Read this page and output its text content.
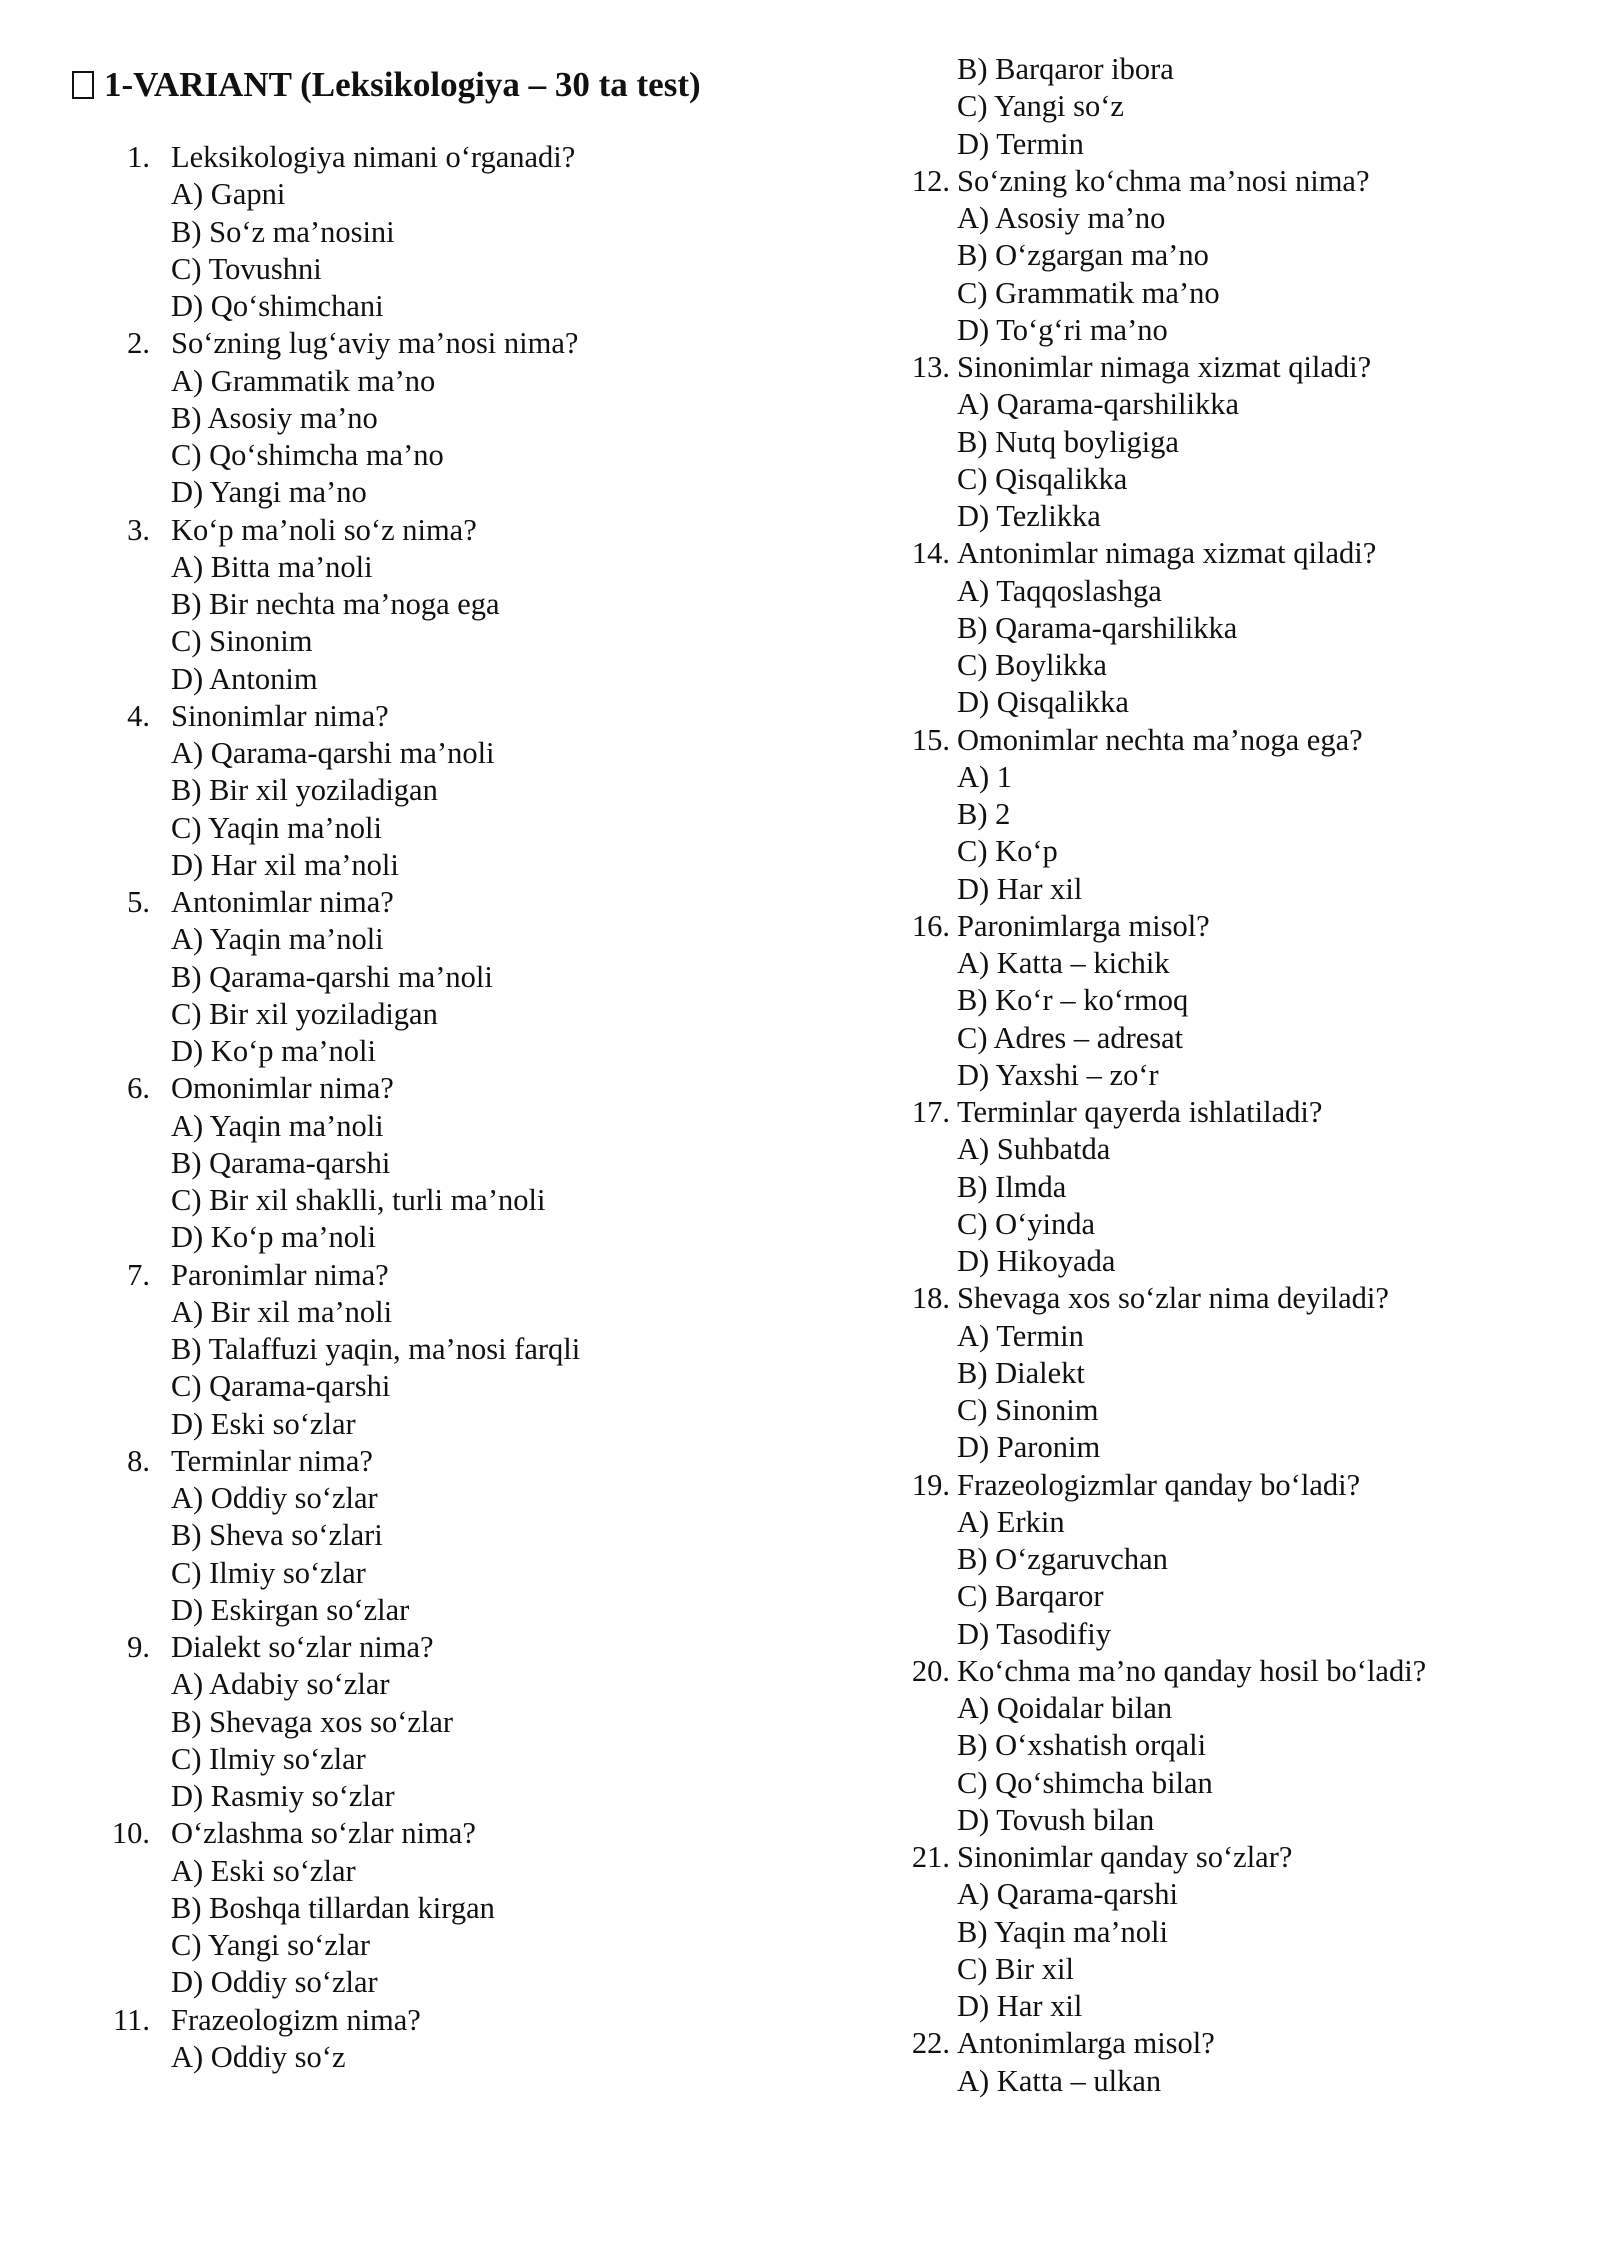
1-VARIANT (Leksikologiya – 30 ta test)
1. Leksikologiya nimani o‘rganadi?
A) Gapni
B) So‘z ma’nosini
C) Tovushni
D) Qo‘shimchani
2. So‘zning lug‘aviy ma’nosi nima?
A) Grammatik ma’no
B) Asosiy ma’no
C) Qo‘shimcha ma’no
D) Yangi ma’no
3. Ko‘p ma’noli so‘z nima?
A) Bitta ma’noli
B) Bir nechta ma’noga ega
C) Sinonim
D) Antonim
4. Sinonimlar nima?
A) Qarama-qarshi ma’noli
B) Bir xil yoziladigan
C) Yaqin ma’noli
D) Har xil ma’noli
5. Antonimlar nima?
A) Yaqin ma’noli
B) Qarama-qarshi ma’noli
C) Bir xil yoziladigan
D) Ko‘p ma’noli
6. Omonimlar nima?
A) Yaqin ma’noli
B) Qarama-qarshi
C) Bir xil shaklli, turli ma’noli
D) Ko‘p ma’noli
7. Paronimlar nima?
A) Bir xil ma’noli
B) Talaffuzi yaqin, ma’nosi farqli
C) Qarama-qarshi
D) Eski so‘zlar
8. Terminlar nima?
A) Oddiy so‘zlar
B) Sheva so‘zlari
C) Ilmiy so‘zlar
D) Eskirgan so‘zlar
9. Dialekt so‘zlar nima?
A) Adabiy so‘zlar
B) Shevaga xos so‘zlar
C) Ilmiy so‘zlar
D) Rasmiy so‘zlar
10. O‘zlashma so‘zlar nima?
A) Eski so‘zlar
B) Boshqa tillardan kirgan
C) Yangi so‘zlar
D) Oddiy so‘zlar
11. Frazeologizm nima?
A) Oddiy so‘z
B) Barqaror ibora
C) Yangi so‘z
D) Termin
12. So‘zning ko‘chma ma’nosi nima?
A) Asosiy ma’no
B) O‘zgargan ma’no
C) Grammatik ma’no
D) To‘g‘ri ma’no
13. Sinonimlar nimaga xizmat qiladi?
A) Qarama-qarshilikka
B) Nutq boyligiga
C) Qisqalikka
D) Tezlikka
14. Antonimlar nimaga xizmat qiladi?
A) Taqqoslashga
B) Qarama-qarshilikka
C) Boylikka
D) Qisqalikka
15. Omonimlar nechta ma’noga ega?
A) 1
B) 2
C) Ko‘p
D) Har xil
16. Paronimlarga misol?
A) Katta – kichik
B) Ko‘r – ko‘rmoq
C) Adres – adresat
D) Yaxshi – zo‘r
17. Terminlar qayerda ishlatiladi?
A) Suhbatda
B) Ilmda
C) O‘yinda
D) Hikoyada
18. Shevaga xos so‘zlar nima deyiladi?
A) Termin
B) Dialekt
C) Sinonim
D) Paronim
19. Frazeologizmlar qanday bo‘ladi?
A) Erkin
B) O‘zgaruvchan
C) Barqaror
D) Tasodifiy
20. Ko‘chma ma’no qanday hosil bo‘ladi?
A) Qoidalar bilan
B) O‘xshatish orqali
C) Qo‘shimcha bilan
D) Tovush bilan
21. Sinonimlar qanday so‘zlar?
A) Qarama-qarshi
B) Yaqin ma’noli
C) Bir xil
D) Har xil
22. Antonimlarga misol?
A) Katta – ulkan
